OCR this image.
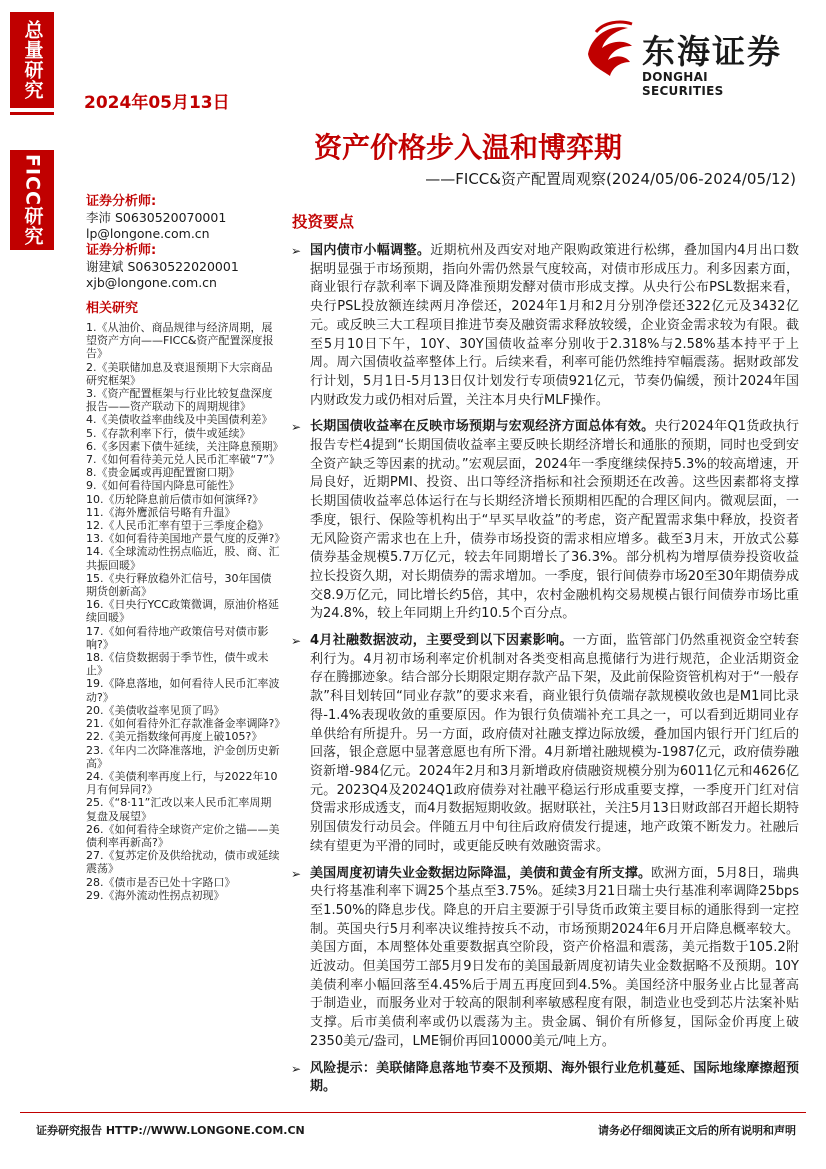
总量研究
FICC研究
2024年05月13日
东海证券
DONGHAI SECURITIES
资产价格步入温和博弈期
——FICC&资产配置周观察(2024/05/06-2024/05/12)
证券分析师:
李沛 S0630520070001
lp@longone.com.cn
证券分析师:
谢建斌 S0630522020001
xjb@longone.com.cn
相关研究
1.《从油价、商品规律与经济周期，展望资产方向——FICC&资产配置深度报告》
2.《美联储加息及衰退预期下大宗商品研究框架》
3.《资产配置框架与行业比较复盘深度报告——资产联动下的周期规律》
4.《美债收益率曲线及中美国债利差》
5.《存款利率下行，债牛或延续》
6.《多因素下债牛延续，关注降息预期》
7.《如何看待美元兑人民币汇率破“7”》
8.《贵金属或再迎配置窗口期》
9.《如何看待国内降息可能性》
10.《历轮降息前后债市如何演绎?》
11.《海外鹰派信号略有升温》
12.《人民币汇率有望于三季度企稳》
13.《如何看待美国地产景气度的反弹?》
14.《全球流动性拐点临近，股、商、汇共振回暖》
15.《央行释放稳外汇信号，30年国债期货创新高》
16.《日央行YCC政策微调，原油价格延续回暖》
17.《如何看待地产政策信号对债市影响?》
18.《信贷数据弱于季节性，债牛或未止》
19.《降息落地，如何看待人民币汇率波动?》
20.《美债收益率见顶了吗》
21.《如何看待外汇存款准备金率调降?》
22.《美元指数缘何再度上破105?》
23.《年内二次降准落地，沪金创历史新高》
24.《美债利率再度上行，与2022年10月有何异同?》
25.《“8·11”汇改以来人民币汇率周期复盘及展望》
26.《如何看待全球资产定价之锚——美债利率再新高?》
27.《复苏定价及供给扰动，债市或延续震荡》
28.《债市是否已处十字路口》
29.《海外流动性拐点初现》
投资要点
➢ 国内债市小幅调整。近期杭州及西安对地产限购政策进行松绑，叠加国内4月出口数据明显强于市场预期，指向外需仍然景气度较高，对债市形成压力。利多因素方面，商业银行存款利率下调及降准预期发酵对债市形成支撑。从央行公布PSL数据来看，央行PSL投放额连续两月净偿还，2024年1月和2月分别净偿还322亿元及3432亿元。或反映三大工程项目推进节奏及融资需求释放较缓，企业资金需求较为有限。截至5月10日下午，10Y、30Y国债收益率分别收于2.318%与2.58%基本持平于上周。周六国债收益率整体上行。后续来看，利率可能仍然维持窄幅震荡。据财政部发行计划，5月1日-5月13日仅计划发行专项债921亿元，节奏仍偏缓，预计2024年国内财政发力或仍相对后置，关注本月央行MLF操作。
➢ 长期国债收益率在反映市场预期与宏观经济方面总体有效。央行2024年Q1货政执行报告专栏4提到“长期国债收益率主要反映长期经济增长和通胀的预期，同时也受到安全资产缺乏等因素的扰动。”宏观层面，2024年一季度继续保持5.3%的较高增速，开局良好，近期PMI、投资、出口等经济指标和社会预期还在改善。这些因素都将支撑长期国债收益率总体运行在与长期经济增长预期相匹配的合理区间内。微观层面，一季度，银行、保险等机构出于“早买早收益”的考虑，资产配置需求集中释放，投资者无风险资产需求也在上升，债券市场投资的需求相应增多。截至3月末，开放式公募债券基金规模5.7万亿元，较去年同期增长了36.3%。部分机构为增厚债券投资收益拉长投资久期，对长期债券的需求增加。一季度，银行间债券市场20至30年期债券成交8.9万亿元，同比增长约5倍，其中，农村金融机构交易规模占银行间债券市场比重为24.8%，较上年同期上升约10.5个百分点。
➢ 4月社融数据波动，主要受到以下因素影响。一方面，监管部门仍然重视资金空转套利行为。4月初市场利率定价机制对各类变相高息揽储行为进行规范，企业活期资金存在腾挪迹象。结合部分长期限定期存款产品下架，及此前保险资管机构对于“一般存款”科目划转回“同业存款”的要求来看，商业银行负债端存款规模收敛也是M1同比录得-1.4%表现收敛的重要原因。作为银行负债端补充工具之一，可以看到近期同业存单供给有所提升。另一方面，政府债对社融支撑边际放缓，叠加国内银行开门红后的回落，银企意愿中显著意愿也有所下滑。4月新增社融规模为-1987亿元，政府债券融资新增-984亿元。2024年2月和3月新增政府债融资规模分别为6011亿元和4626亿元。2023Q4及2024Q1政府债券对社融平稳运行形成重要支撑，一季度开门红对信贷需求形成透支，而4月数据短期收敛。据财联社，关注5月13日财政部召开超长期特别国债发行动员会。伴随五月中旬往后政府债发行提速，地产政策不断发力。社融后续有望更为平滑的同时，或更能反映有效融资需求。
➢ 美国周度初请失业金数据边际降温，美债和黄金有所支撑。欧洲方面，5月8日，瑞典央行将基准利率下调25个基点至3.75%。延续3月21日瑞士央行基准利率调降25bps至1.50%的降息步伐。降息的开启主要源于引导货币政策主要目标的通胀得到一定控制。英国央行5月利率决议维持按兵不动，市场预期2024年6月开启降息概率较大。美国方面，本周整体处重要数据真空阶段，资产价格温和震荡，美元指数于105.2附近波动。但美国劳工部5月9日发布的美国最新周度初请失业金数据略不及预期。10Y美债利率小幅回落至4.45%后于周五再度回到4.5%。美国经济中服务业占比显著高于制造业，而服务业对于较高的限制利率敏感程度有限，制造业也受到芯片法案补贴支撑。后市美债利率或仍以震荡为主。贵金属、铜价有所修复，国际金价再度上破2350美元/盎司，LME铜价再回10000美元/吨上方。
➢ 风险提示：美联储降息落地节奏不及预期、海外银行业危机蔓延、国际地缘摩擦超预期。
证券研究报告 HTTP://WWW.LONGONE.COM.CN	请务必仔细阅读正文后的所有说明和声明
